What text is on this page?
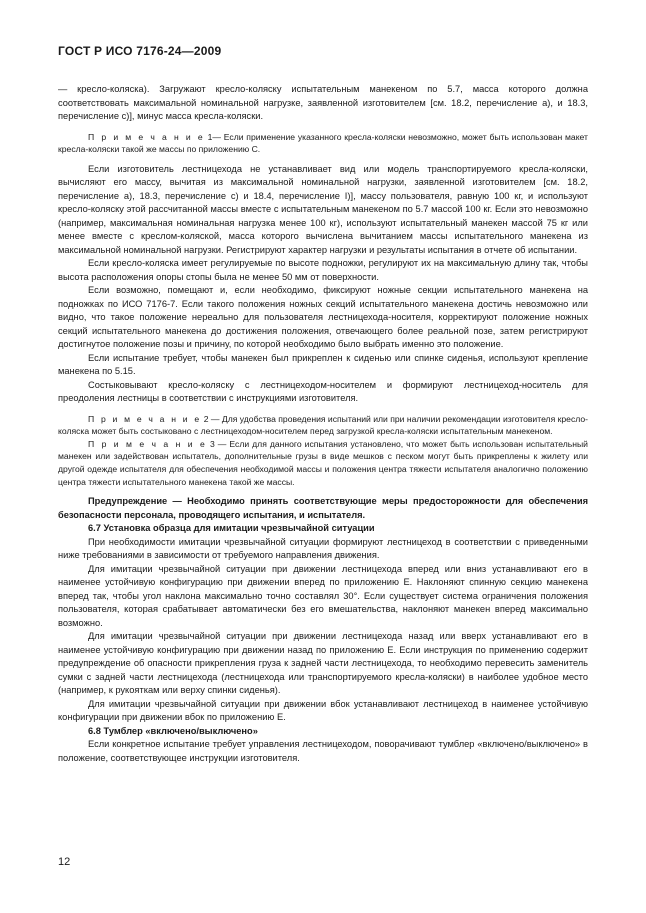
ГОСТ Р ИСО 7176-24—2009

— кресло-коляска). Загружают кресло-коляску испытательным манекеном по 5.7, масса которого должна соответствовать максимальной номинальной нагрузке, заявленной изготовителем [см. 18.2, перечисление а), и 18.3, перечисление с)], минус масса кресла-коляски.

П р и м е ч а н и е 1— Если применение указанного кресла-коляски невозможно, может быть использован макет кресла-коляски такой же массы по приложению С.

Если изготовитель лестницехода не устанавливает вид или модель транспортируемого кресла-коляски, вычисляют его массу, вычитая из максимальной номинальной нагрузки, заявленной изготовителем [см. 18.2, перечисление а), 18.3, перечисление с) и 18.4, перечисление I)], массу пользователя, равную 100 кг, и используют кресло-коляску этой рассчитанной массы вместе с испытательным манекеном по 5.7 массой 100 кг. Если это невозможно (например, максимальная номинальная нагрузка менее 100 кг), используют испытательный манекен массой 75 кг или менее вместе с креслом-коляской, масса которого вычислена вычитанием массы испытательного манекена из максимальной номинальной нагрузки. Регистрируют характер нагрузки и результаты испытания в отчете об испытании.

Если кресло-коляска имеет регулируемые по высоте подножки, регулируют их на максимальную длину так, чтобы высота расположения опоры стопы была не менее 50 мм от поверхности.

Если возможно, помещают и, если необходимо, фиксируют ножные секции испытательного манекена на подножках по ИСО 7176-7. Если такого положения ножных секций испытательного манекена достичь невозможно или видно, что такое положение нереально для пользователя лестницехода-носителя, корректируют положение ножных секций испытательного манекена до достижения положения, отвечающего более реальной позе, затем регистрируют достигнутое положение позы и причину, по которой необходимо было выбрать именно это положение.

Если испытание требует, чтобы манекен был прикреплен к сиденью или спинке сиденья, используют крепление манекена по 5.15.

Состыковывают кресло-коляску с лестницеходом-носителем и формируют лестницеход-носитель для преодоления лестницы в соответствии с инструкциями изготовителя.

П р и м е ч а н и е 2 — Для удобства проведения испытаний или при наличии рекомендации изготовителя кресло-коляска может быть состыковано с лестницеходом-носителем перед загрузкой кресла-коляски испытательным манекеном.

П р и м е ч а н и е 3 — Если для данного испытания установлено, что может быть использован испытательный манекен или задействован испытатель, дополнительные грузы в виде мешков с песком могут быть прикреплены к жилету или другой одежде испытателя для обеспечения необходимой массы и положения центра тяжести испытателя аналогично положению центра тяжести испытательного манекена такой же массы.

Предупреждение — Необходимо принять соответствующие меры предосторожности для обеспечения безопасности персонала, проводящего испытания, и испытателя.

6.7 Установка образца для имитации чрезвычайной ситуации

При необходимости имитации чрезвычайной ситуации формируют лестницеход в соответствии с приведенными ниже требованиями в зависимости от требуемого направления движения.

Для имитации чрезвычайной ситуации при движении лестницехода вперед или вниз устанавливают его в наименее устойчивую конфигурацию при движении вперед по приложению Е. Наклоняют спинную секцию манекена вперед так, чтобы угол наклона максимально точно составлял 30°. Если существует система ограничения положения пользователя, которая срабатывает автоматически без его вмешательства, наклоняют манекен вперед максимально возможно.

Для имитации чрезвычайной ситуации при движении лестницехода назад или вверх устанавливают его в наименее устойчивую конфигурацию при движении назад по приложению Е. Если инструкция по применению содержит предупреждение об опасности прикрепления груза к задней части лестницехода, то необходимо перевесить заменитель сумки с задней части лестницехода (лестницехода или транспортируемого кресла-коляски) в наиболее удобное место (например, к рукояткам или верху спинки сиденья).

Для имитации чрезвычайной ситуации при движении вбок устанавливают лестницеход в наименее устойчивую конфигурации при движении вбок по приложению Е.

6.8 Тумблер «включено/выключено»

Если конкретное испытание требует управления лестницеходом, поворачивают тумблер «включено/выключено» в положение, соответствующее инструкции изготовителя.

12
